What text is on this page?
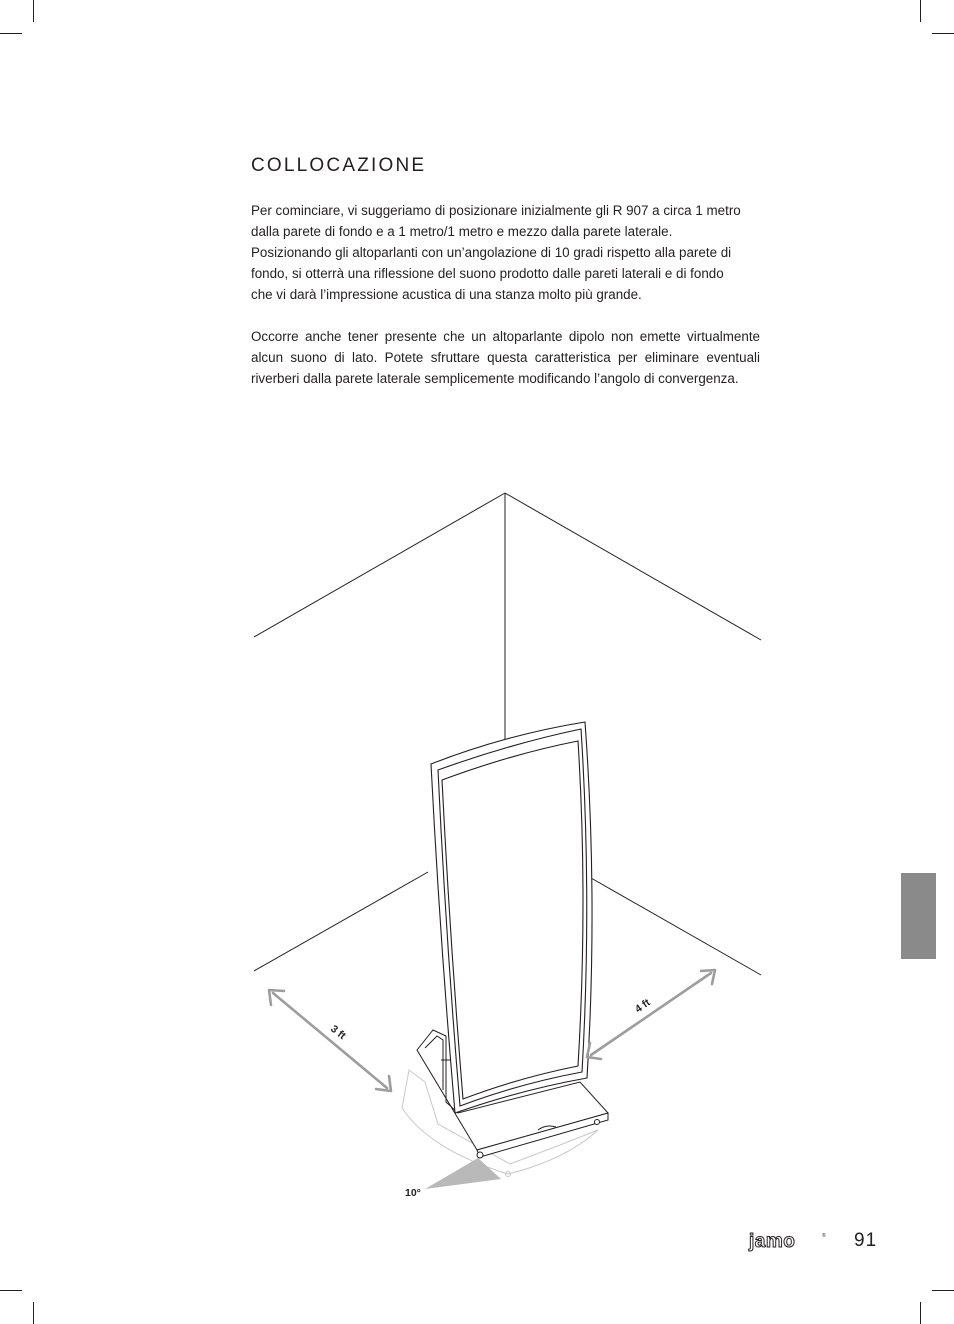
COLLOCAZIONE

Per cominciare, vi suggeriamo di posizionare inizialmente gli R 907 a circa 1 metro
dalla parete di fondo e a 1 metro/1 metro e mezzo dalla parete laterale.
Posizionando gli altoparlanti con un’angolazione di 10 gradi rispetto alla parete di
fondo, si otterrà una riflessione del suono prodotto dalle pareti laterali e di fondo
che vi darà l’impressione acustica di una stanza molto più grande.

Occorre anche tener presente che un altoparlante dipolo non emette virtualmente alcun suono di lato. Potete sfruttare questa caratteristica per eliminare eventuali riverberi dalla parete laterale semplicemente modificando l’angolo di convergenza.

3 ft
4 ft
10°
jamo	® 91
